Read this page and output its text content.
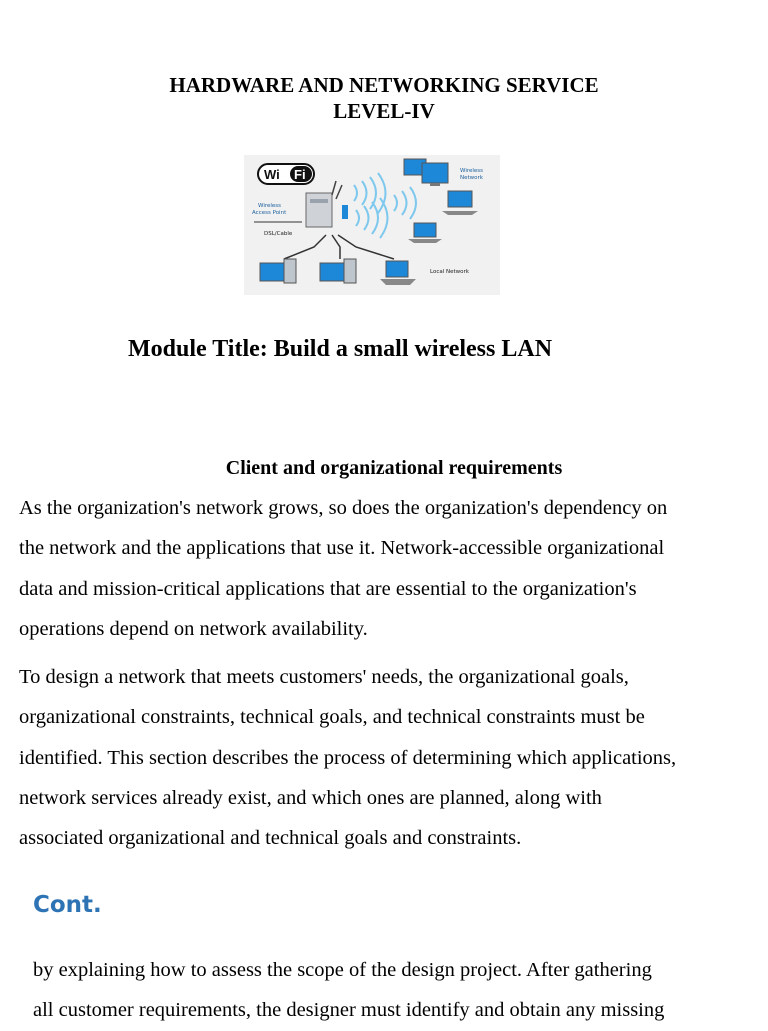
HARDWARE AND NETWORKING SERVICE
LEVEL-IV
Wi Fi
Wireless
Access Point
DSL/Cable
Wireless
Network
Local Network
Module Title: Build a small wireless LAN
Client and organizational requirements

As the organization's network grows, so does the organization's dependency on
the network and the applications that use it. Network-accessible organizational
data and mission-critical applications that are essential to the organization's
operations depend on network availability.

To design a network that meets customers' needs, the organizational goals,
organizational constraints, technical goals, and technical constraints must be
identified. This section describes the process of determining which applications,
network services already exist, and which ones are planned, along with
associated organizational and technical goals and constraints.

Cont.

by explaining how to assess the scope of the design project. After gathering
all customer requirements, the designer must identify and obtain any missing
